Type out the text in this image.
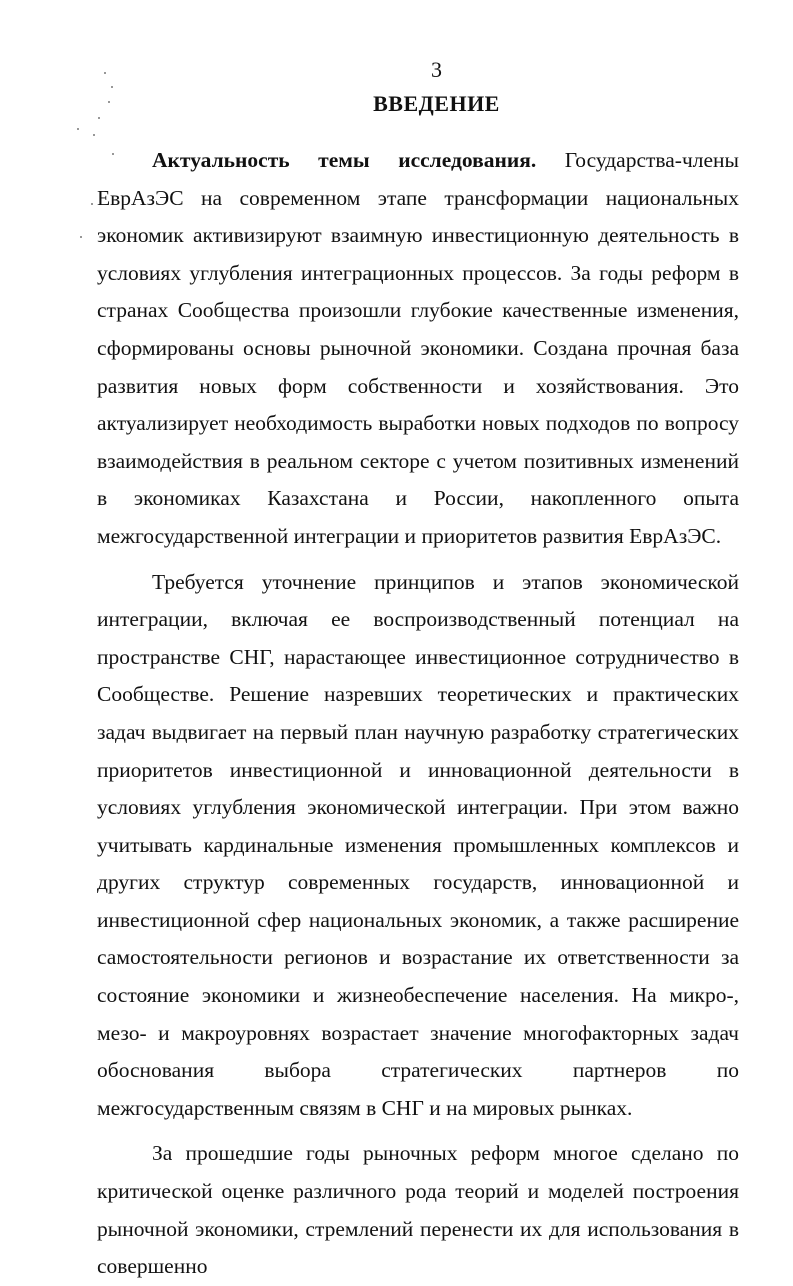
3
ВВЕДЕНИЕ

Актуальность темы исследования. Государства-члены ЕврАзЭС на современном этапе трансформации национальных экономик активизируют взаимную инвестиционную деятельность в условиях углубления интеграционных процессов. За годы реформ в странах Сообщества произошли глубокие качественные изменения, сформированы основы рыночной экономики. Создана прочная база развития новых форм собственности и хозяйствования. Это актуализирует необходимость выработки новых подходов по вопросу взаимодействия в реальном секторе с учетом позитивных изменений в экономиках Казахстана и России, накопленного опыта межгосударственной интеграции и приоритетов развития ЕврАзЭС.

Требуется уточнение принципов и этапов экономической интеграции, включая ее воспроизводственный потенциал на пространстве СНГ, нарастающее инвестиционное сотрудничество в Сообществе. Решение назревших теоретических и практических задач выдвигает на первый план научную разработку стратегических приоритетов инвестиционной и инновационной деятельности в условиях углубления экономической интеграции. При этом важно учитывать кардинальные изменения промышленных комплексов и других структур современных государств, инновационной и инвестиционной сфер национальных экономик, а также расширение самостоятельности регионов и возрастание их ответственности за состояние экономики и жизнеобеспечение населения. На микро-, мезо- и макроуровнях возрастает значение многофакторных задач обоснования выбора стратегических партнеров по межгосударственным связям в СНГ и на мировых рынках.

За прошедшие годы рыночных реформ многое сделано по критической оценке различного рода теорий и моделей построения рыночной экономики, стремлений перенести их для использования в совершенно
